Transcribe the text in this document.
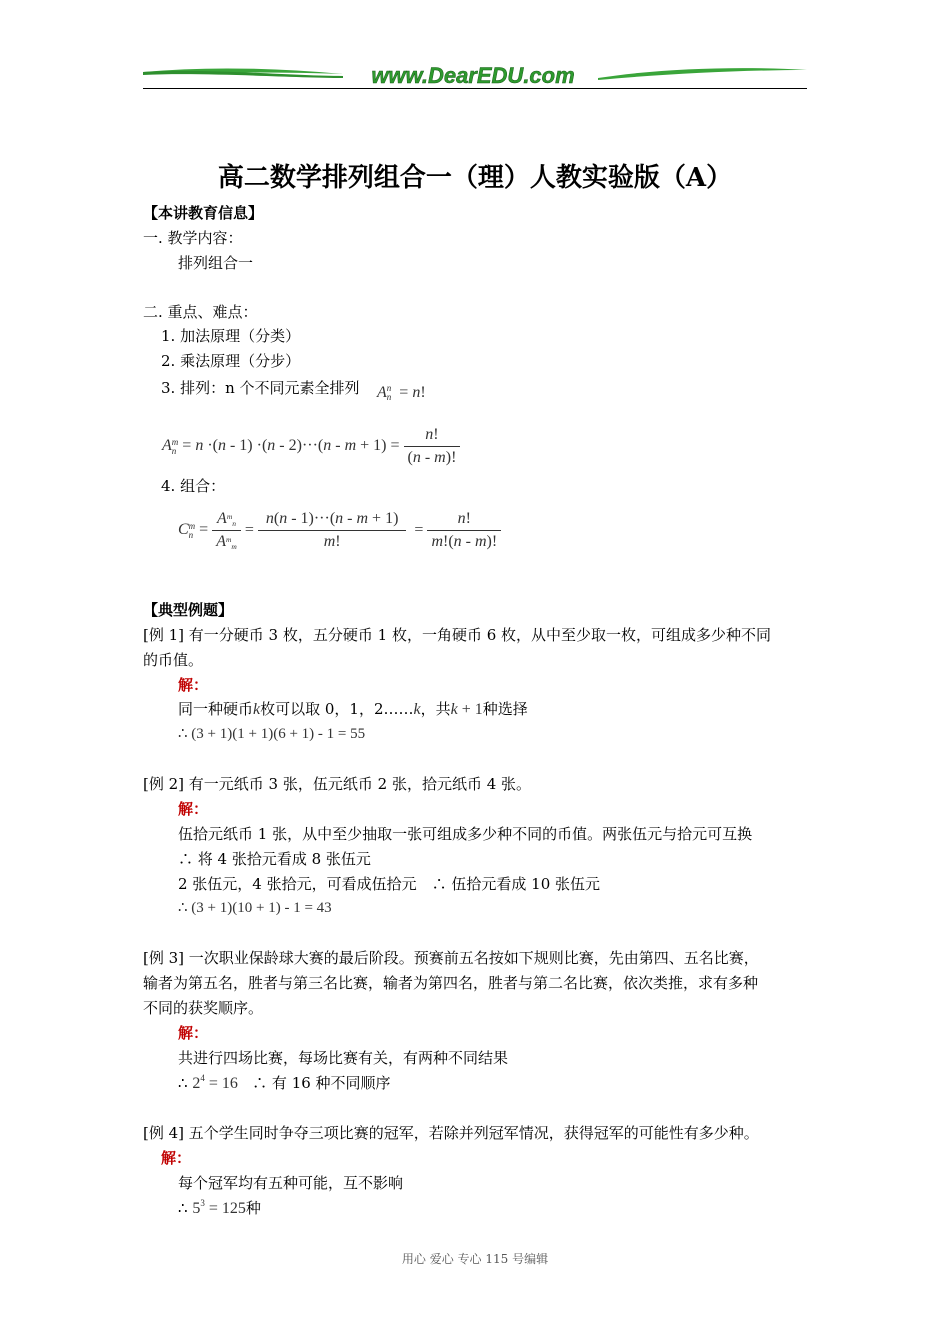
www.DearEDU.com
高二数学排列组合一（理）人教实验版（A）
【本讲教育信息】
一. 教学内容：
排列组合一
二. 重点、难点：
1. 加法原理（分类）
2. 乘法原理（分步）
3. 排列：n 个不同元素全排列 An
n  = n!
Am
$n = n \cdot(n - 1) \cdot(n - 2)\cdot\cdot\cdot(n - m + 1) = \frac{n!}{(n - m)!}$
4. 组合：
Cm
$n = \frac{A^m_n}{A^m_m} = \frac{n(n - 1)\cdot\cdot\cdot(n - m + 1)}{m!} = \frac{n!}{m!(n - m)!}$
【典型例题】
[例 1] 有一分硬币 3 枚，五分硬币 1 枚，一角硬币 6 枚，从中至少取一枚，可组成多少种不同
的币值。
解：
同一种硬币k枚可以取 0，1，2……k，共k + 1种选择
∴ (3 + 1)(1 + 1)(6 + 1) - 1 = 55
[例 2] 有一元纸币 3 张，伍元纸币 2 张，拾元纸币 4 张。
解：
伍拾元纸币 1 张，从中至少抽取一张可组成多少种不同的币值。两张伍元与拾元可互换
∴ 将 4 张拾元看成 8 张伍元
2 张伍元，4 张拾元，可看成伍拾元　∴ 伍拾元看成 10 张伍元
∴ (3 + 1)(10 + 1) - 1 = 43
[例 3] 一次职业保龄球大赛的最后阶段。预赛前五名按如下规则比赛，先由第四、五名比赛，
输者为第五名，胜者与第三名比赛，输者为第四名，胜者与第二名比赛，依次类推，求有多种
不同的获奖顺序。
解：
共进行四场比赛，每场比赛有关，有两种不同结果
∴ $2^4 = 16$ ∴ 有 16 种不同顺序
[例 4] 五个学生同时争夺三项比赛的冠军，若除并列冠军情况，获得冠军的可能性有多少种。
解：
每个冠军均有五种可能，互不影响
∴ $5^3 = 125$种
用心 爱心 专心 115 号编辑
